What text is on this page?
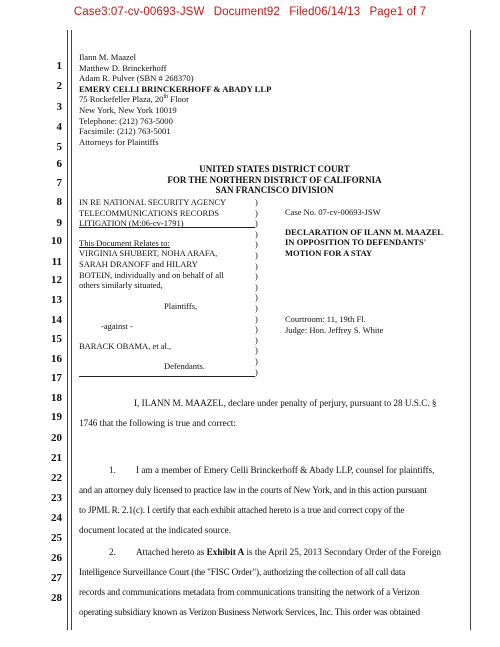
Case3:07-cv-00693-JSW Document92 Filed06/14/13 Page1 of 7
1
2
3
4
5
6
7
8
9
10
11
12
13
14
15
16
17
18
19
20
21
22
23
24
25
26
27
28
Ilann M. Maazel
Matthew D. Brinckerhoff
Adam R. Pulver (SBN # 268370)
EMERY CELLI BRINCKERHOFF & ABADY LLP
75 Rockefeller Plaza, 20th Floor
New York, New York 10019
Telephone: (212) 763-5000
Facsimile: (212) 763-5001
Attorneys for Plaintiffs
UNITED STATES DISTRICT COURT
FOR THE NORTHERN DISTRICT OF CALIFORNIA
SAN FRANCISCO DIVISION
IN RE NATIONAL SECURITY AGENCY
TELECOMMUNICATIONS RECORDS
LITIGATION (M:06-cv-1791)
This Document Relates to:
VIRGINIA SHUBERT, NOHA ARAFA,
SARAH DRANOFF and HILARY
BOTEIN, individually and on behalf of all
others similarly situated,
Plaintiffs,
-against -
BARACK OBAMA, et al.,
Defendants.
)
)
)
)
)
)
)
)
)
)
)
)
)
)
)
)
)
Case No. 07-cv-00693-JSW
DECLARATION OF ILANN M. MAAZEL
IN OPPOSITION TO DEFENDANTS'
MOTION FOR A STAY
Courtroom: 11, 19th Fl.
Judge: Hon. Jeffrey S. White
I, ILANN M. MAAZEL, declare under penalty of perjury, pursuant to 28 U.S.C. §
1746 that the following is true and correct:
1. I am a member of Emery Celli Brinckerhoff & Abady LLP, counsel for plaintiffs,
and an attorney duly licensed to practice law in the courts of New York, and in this action pursuant
to JPML R. 2.1(c). I certify that each exhibit attached hereto is a true and correct copy of the
document located at the indicated source.
2. Attached hereto as Exhibit A is the April 25, 2013 Secondary Order of the Foreign
Intelligence Surveillance Court (the "FISC Order"), authorizing the collection of all call data
records and communications metadata from communications transiting the network of a Verizon
operating subsidiary known as Verizon Business Network Services, Inc. This order was obtained
